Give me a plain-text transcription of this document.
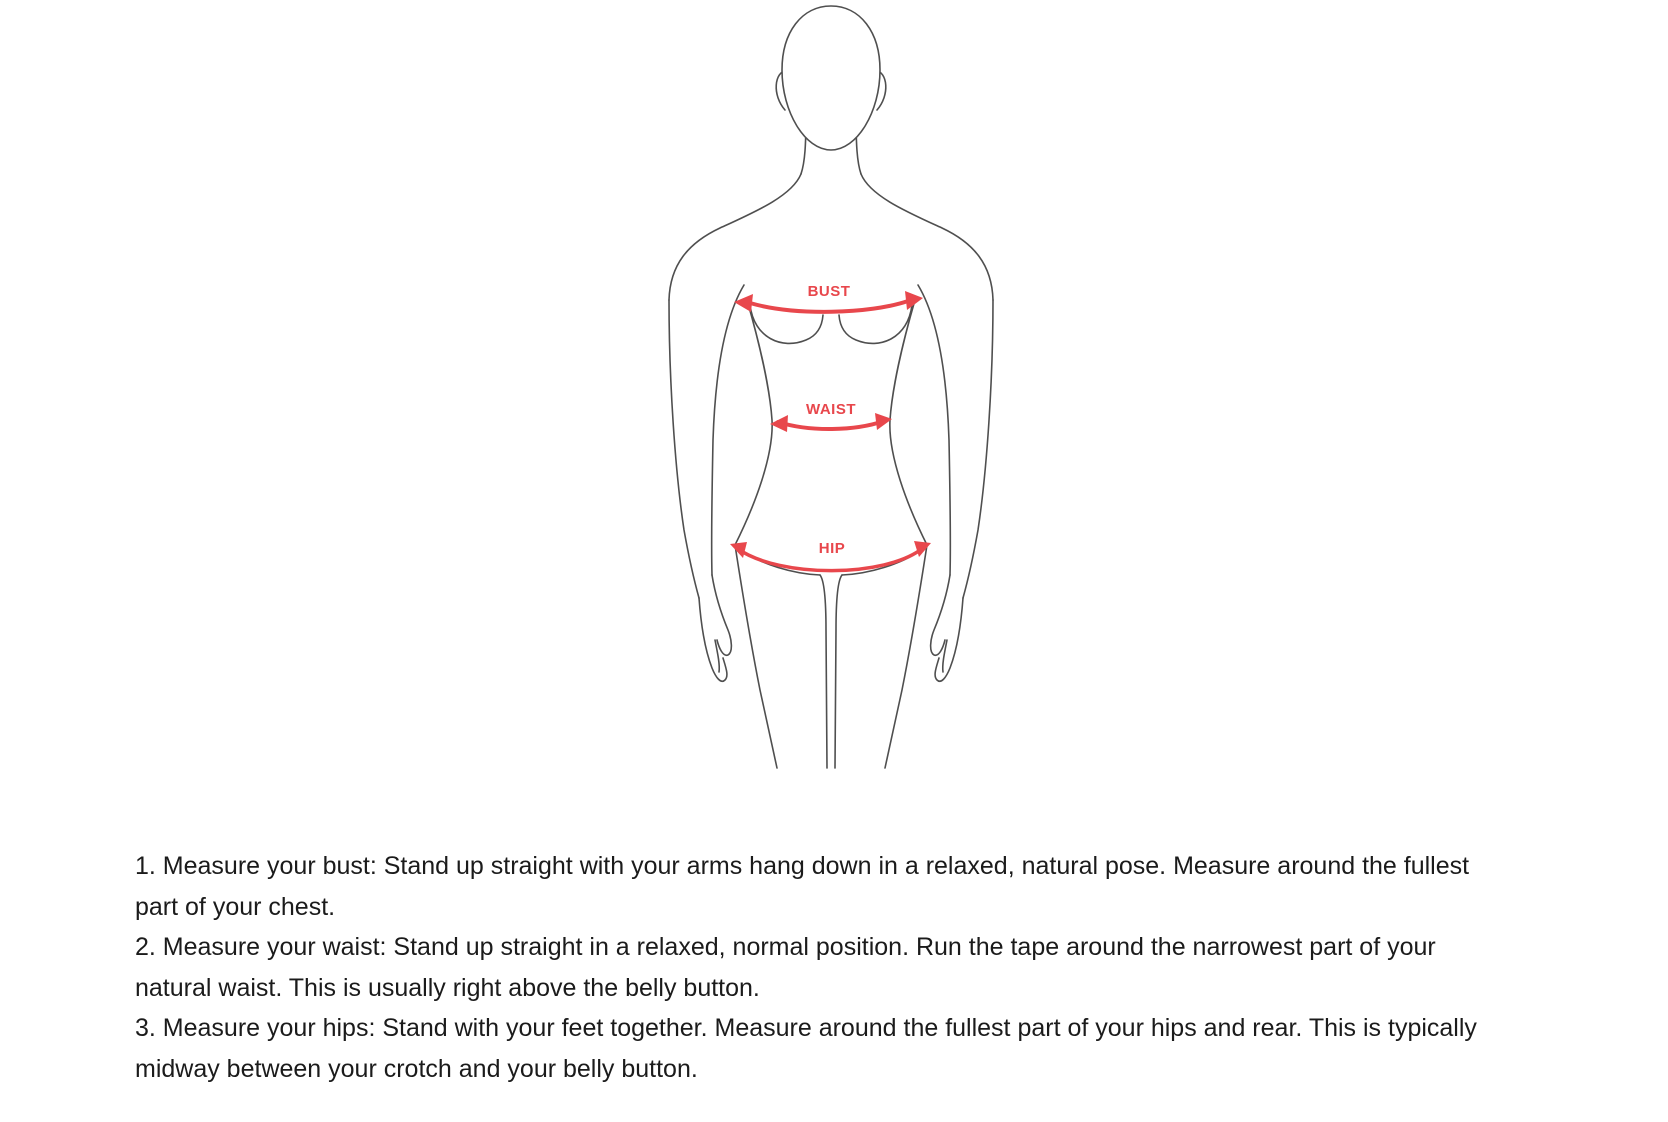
BUST
WAIST
HIP

1. Measure your bust: Stand up straight with your arms hang down in a relaxed, natural pose. Measure around the fullest
part of your chest.

2. Measure your waist: Stand up straight in a relaxed, normal position. Run the tape around the narrowest part of your
natural waist. This is usually right above the belly button.

3. Measure your hips: Stand with your feet together. Measure around the fullest part of your hips and rear. This is typically
midway between your crotch and your belly button.
